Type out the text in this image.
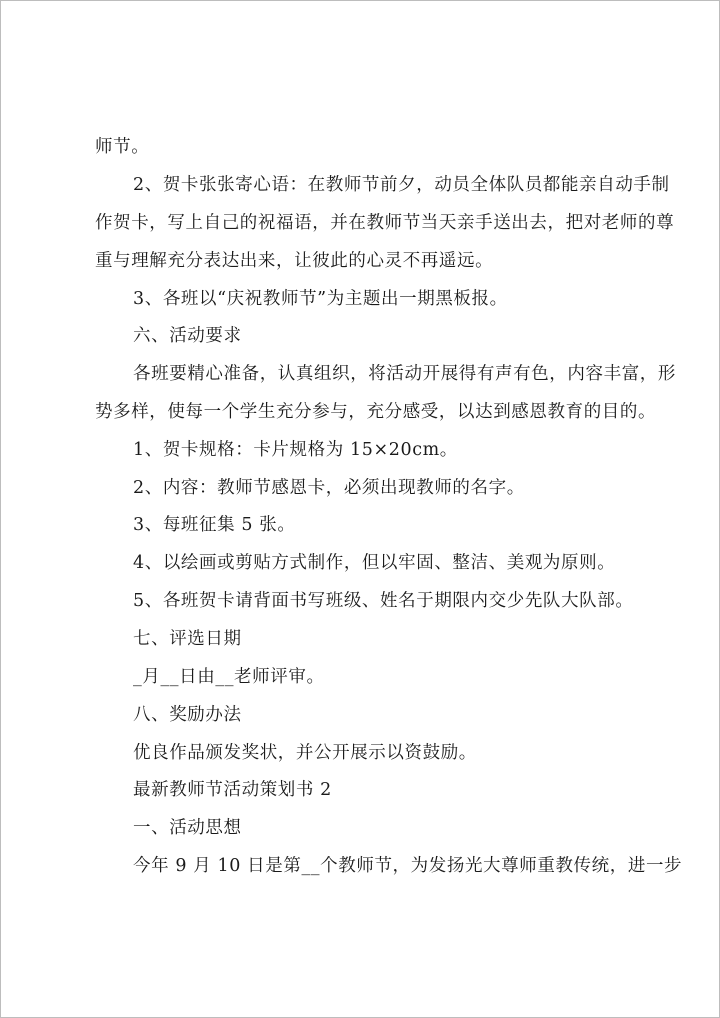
师节。
2、贺卡张张寄心语：在教师节前夕，动员全体队员都能亲自动手制
作贺卡，写上自己的祝福语，并在教师节当天亲手送出去，把对老师的尊
重与理解充分表达出来，让彼此的心灵不再遥远。
3、各班以“庆祝教师节”为主题出一期黑板报。
六、活动要求
各班要精心准备，认真组织，将活动开展得有声有色，内容丰富，形
势多样，使每一个学生充分参与，充分感受，以达到感恩教育的目的。
1、贺卡规格：卡片规格为 15×20cm。
2、内容：教师节感恩卡，必须出现教师的名字。
3、每班征集 5 张。
4、以绘画或剪贴方式制作，但以牢固、整洁、美观为原则。
5、各班贺卡请背面书写班级、姓名于期限内交少先队大队部。
七、评选日期
_月__日由__老师评审。
八、奖励办法
优良作品颁发奖状，并公开展示以资鼓励。
最新教师节活动策划书 2
一、活动思想
今年 9 月 10 日是第__个教师节，为发扬光大尊师重教传统，进一步
